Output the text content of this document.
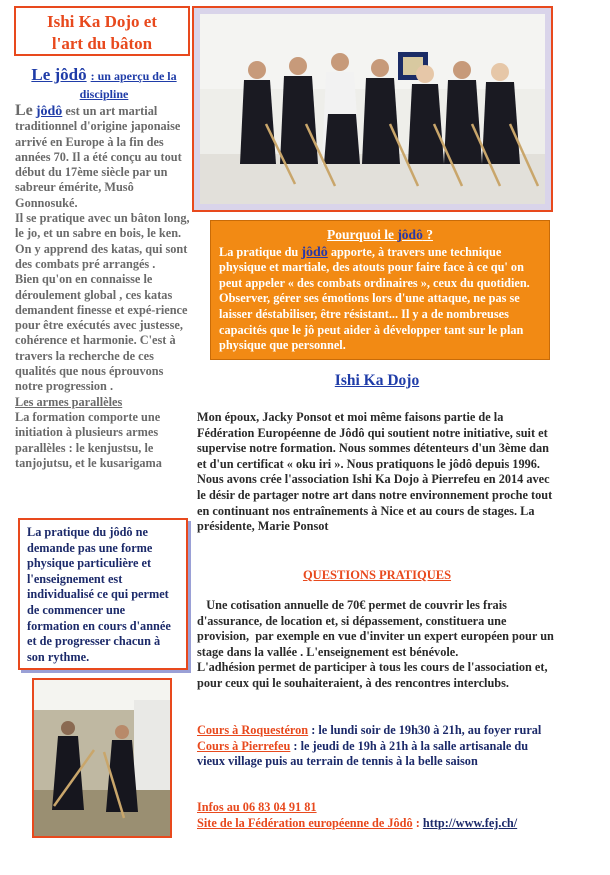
Ishi Ka Dojo et
l'art du bâton
Le jôdô : un aperçu de la
discipline

Le jôdô est un art martial traditionnel d'origine japonaise arrivé en Europe à la fin des années 70. Il a été conçu au tout début du 17ème siècle par un sabreur émérite, Musô Gonnosuké.

Il se pratique avec un bâton long, le jo, et un sabre en bois, le ken. On y apprend des katas, qui sont des combats pré arrangés .

Bien qu'on en connaisse le déroulement global , ces katas demandent finesse et expé-rience pour être exécutés avec justesse, cohérence et harmonie. C'est à travers la recherche de ces qualités que nous éprouvons notre progression .

Les armes parallèles

La formation comporte une initiation à plusieurs armes parallèles : le kenjustsu, le tanjojutsu, et le kusarigama

Pourquoi le jôdô ?
La pratique du jôdô apporte, à travers une technique physique et martiale, des atouts pour faire face à ce qu' on peut appeler « des combats ordinaires », ceux du quotidien. Observer, gérer ses émotions lors d'une attaque, ne pas se laisser déstabiliser, être résistant... Il y a de nombreuses capacités que le jô peut aider à développer tant sur le plan physique que personnel.
Ishi Ka Dojo
Mon époux, Jacky Ponsot et moi même faisons partie de la Fédération Européenne de Jôdô qui soutient notre initiative, suit et supervise notre formation. Nous sommes détenteurs d'un 3ème dan et d'un certificat « oku iri ». Nous pratiquons le jôdô depuis 1996.
Nous avons crée l'association Ishi Ka Dojo à Pierrefeu en 2014 avec le désir de partager notre art dans notre environnement proche tout en continuant nos entraînements à Nice et au cours de stages. La présidente, Marie Ponsot
QUESTIONS PRATIQUES
Une cotisation annuelle de 70€ permet de couvrir les frais d'assurance, de location et, si dépassement, constituera une provision,  par exemple en vue d'inviter un expert européen pour un stage dans la vallée . L'enseignement est bénévole.
L'adhésion permet de participer à tous les cours de l'association et, pour ceux qui le souhaiteraient, à des rencontres interclubs.
La pratique du jôdô ne demande pas une forme physique particulière et l'enseignement est individualisé ce qui permet de commencer une formation en cours d'année et de progresser chacun à son rythme.
Cours à Roquestéron : le lundi soir de 19h30 à 21h, au foyer rural
Cours à Pierrefeu : le jeudi de 19h à 21h à la salle artisanale du vieux village puis au terrain de tennis à la belle saison
Infos au 06 83 04 91 81
Site de la Fédération européenne de Jôdô : http://www.fej.ch/
